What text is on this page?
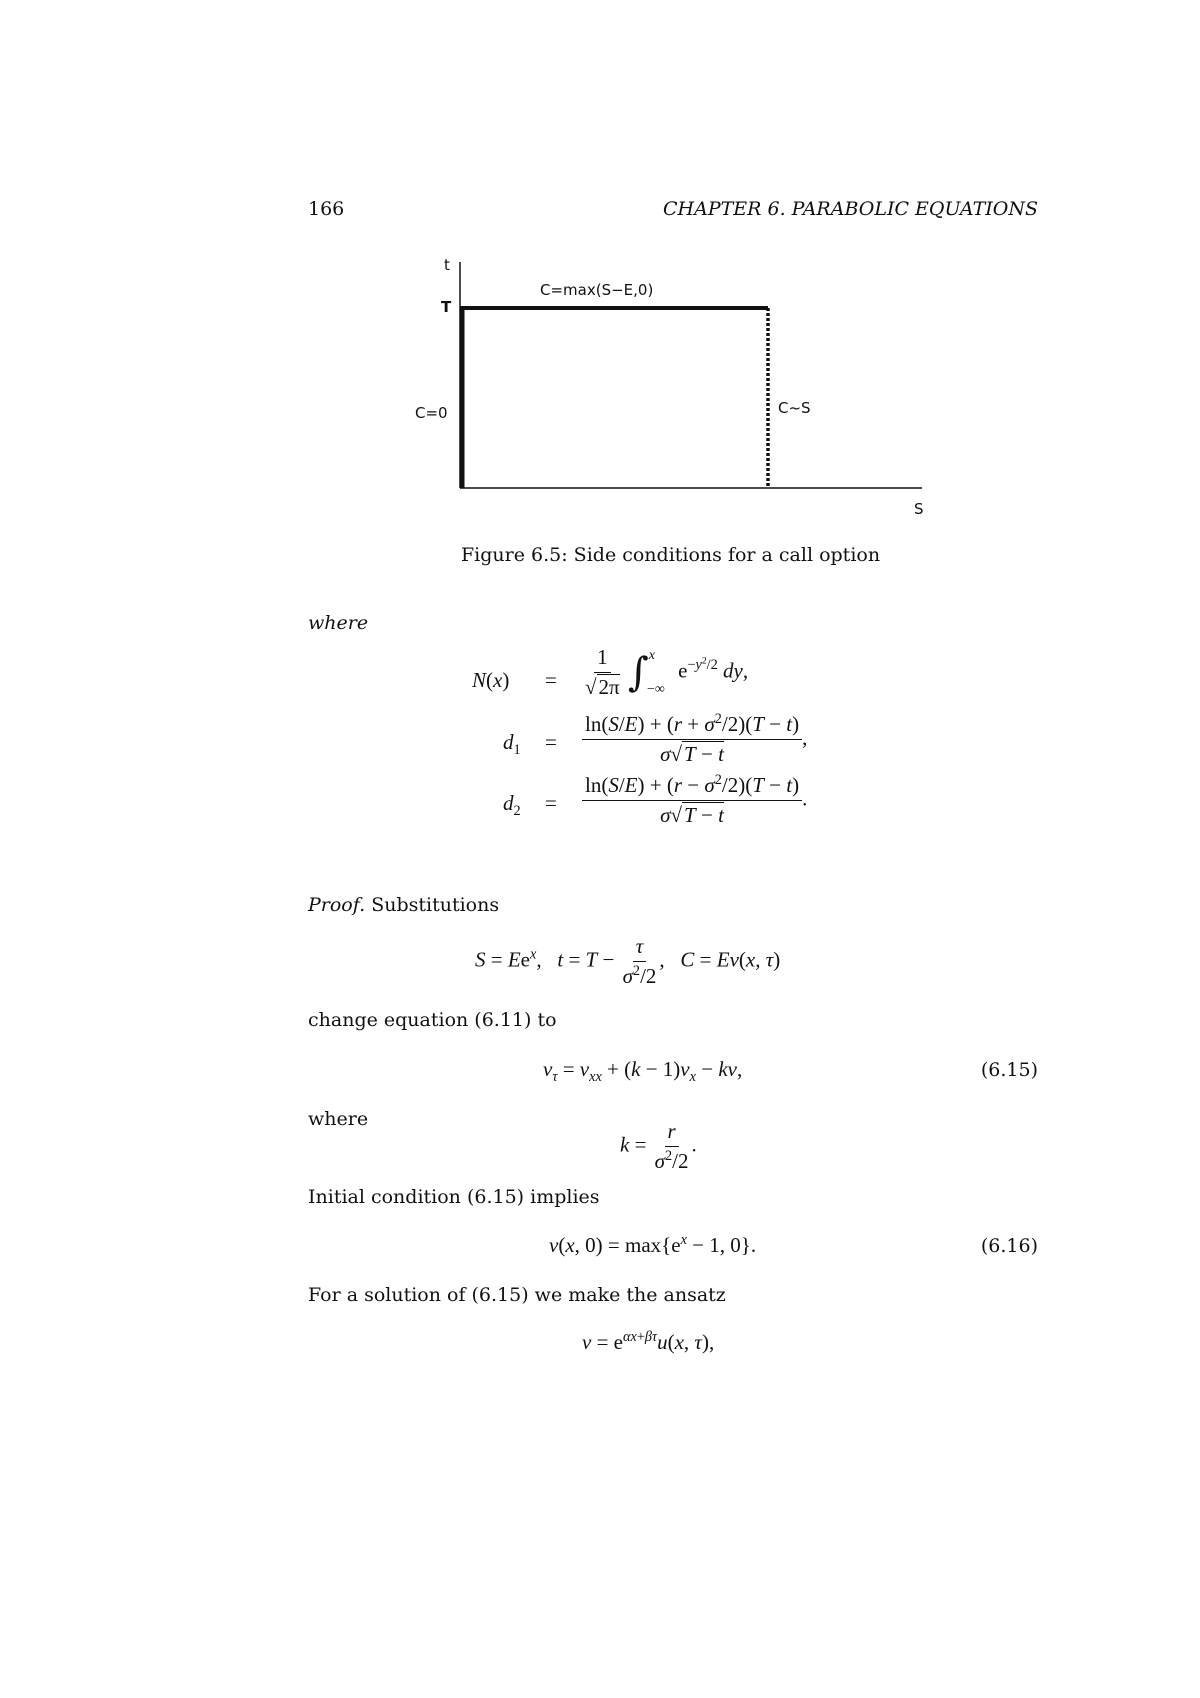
166	CHAPTER 6. PARABOLIC EQUATIONS
t
T
C=max(S−E,0)
C=0	C~S
S
Figure 6.5: Side conditions for a call option
where
$N(x) = \frac{1}{√2\pi} \int^x_{-\infty}$ $e^{-y^2/2}$ dy,
$d_1 = \frac{\ln(S/E) + (r + \sigma^2/2)(T - t)}{\sigma√T - t}$ ,
$d_2 = \frac{\ln(S/E) + (r - \sigma^2/2)(T - t)}{\sigma√T - t}$ .
Proof. Substitutions
$S = Ee^x$,   $t = T - \frac{\tau}{\sigma^2/2}$ ,   C = Ev(x, τ)
change equation (6.11) to
$v_\tau = v_{xx} + (k - 1)v_x$ − kv,	(6.15)
where
$k = \frac{r}{\sigma^2/2}$ .
Initial condition (6.15) implies
v(x, $0) = \max\{e^x - 1$, 0}.	(6.16)
For a solution of (6.15) we make the ansatz
$v = e^{\alpha x+\beta\tau}u(x$, τ),
